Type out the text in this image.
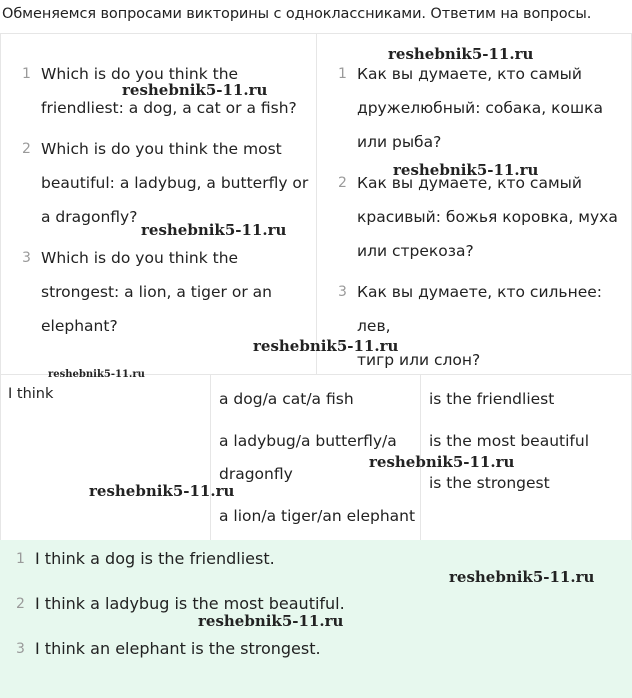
Обменяемся вопросами викторины с одноклассниками. Ответим на вопросы.
1 Which is do you think the
friendliest: a dog, a cat or a fish?
2 Which is do you think the most
beautiful: a ladybug, a butterfly or
a dragonfly?
3 Which is do you think the
strongest: a lion, a tiger or an
elephant?
1 Как вы думаете, кто самый
дружелюбный: собака, кошка
или рыба?
2 Как вы думаете, кто самый
красивый: божья коровка, муха
или стрекоза?
3 Как вы думаете, кто сильнее: лев,
тигр или слон?
I think	a dog/a cat/a fish
a ladybug/a butterfly/a
dragonfly
a lion/a tiger/an elephant
is the friendliest
is the most beautiful
is the strongest
1 I think a dog is the friendliest.
2 I think a ladybug is the most beautiful.
3 I think an elephant is the strongest.
reshebnik5-11.ru
reshebnik5-11.ru
reshebnik5-11.ru
reshebnik5-11.ru
reshebnik5-11.ru
reshebnik5-11.ru
reshebnik5-11.ru
reshebnik5-11.ru
reshebnik5-11.ru
reshebnik5-11.ru
